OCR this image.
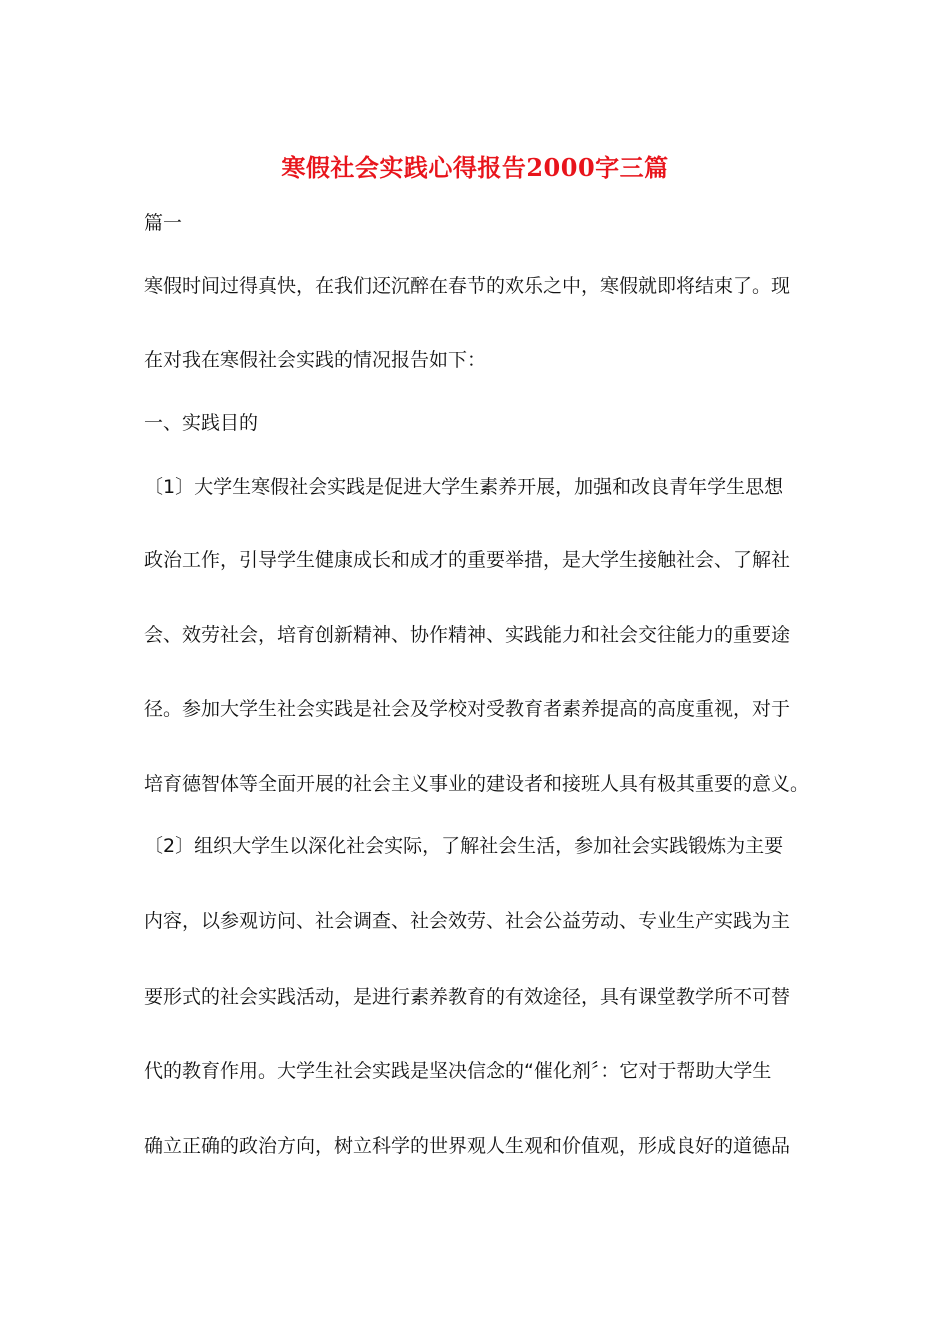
寒假社会实践心得报告2000字三篇
篇一
寒假时间过得真快，在我们还沉醉在春节的欢乐之中，寒假就即将结束了。现
在对我在寒假社会实践的情况报告如下：
一、实践目的
〔1〕大学生寒假社会实践是促进大学生素养开展，加强和改良青年学生思想
政治工作，引导学生健康成长和成才的重要举措，是大学生接触社会、了解社
会、效劳社会，培育创新精神、协作精神、实践能力和社会交往能力的重要途
径。参加大学生社会实践是社会及学校对受教育者素养提高的高度重视，对于
培育德智体等全面开展的社会主义事业的建设者和接班人具有极其重要的意义。
〔2〕组织大学生以深化社会实际，了解社会生活，参加社会实践锻炼为主要
内容，以参观访问、社会调查、社会效劳、社会公益劳动、专业生产实践为主
要形式的社会实践活动，是进行素养教育的有效途径，具有课堂教学所不可替
代的教育作用。大学生社会实践是坚决信念的“催化剂〞：它对于帮助大学生
确立正确的政治方向，树立科学的世界观人生观和价值观，形成良好的道德品
